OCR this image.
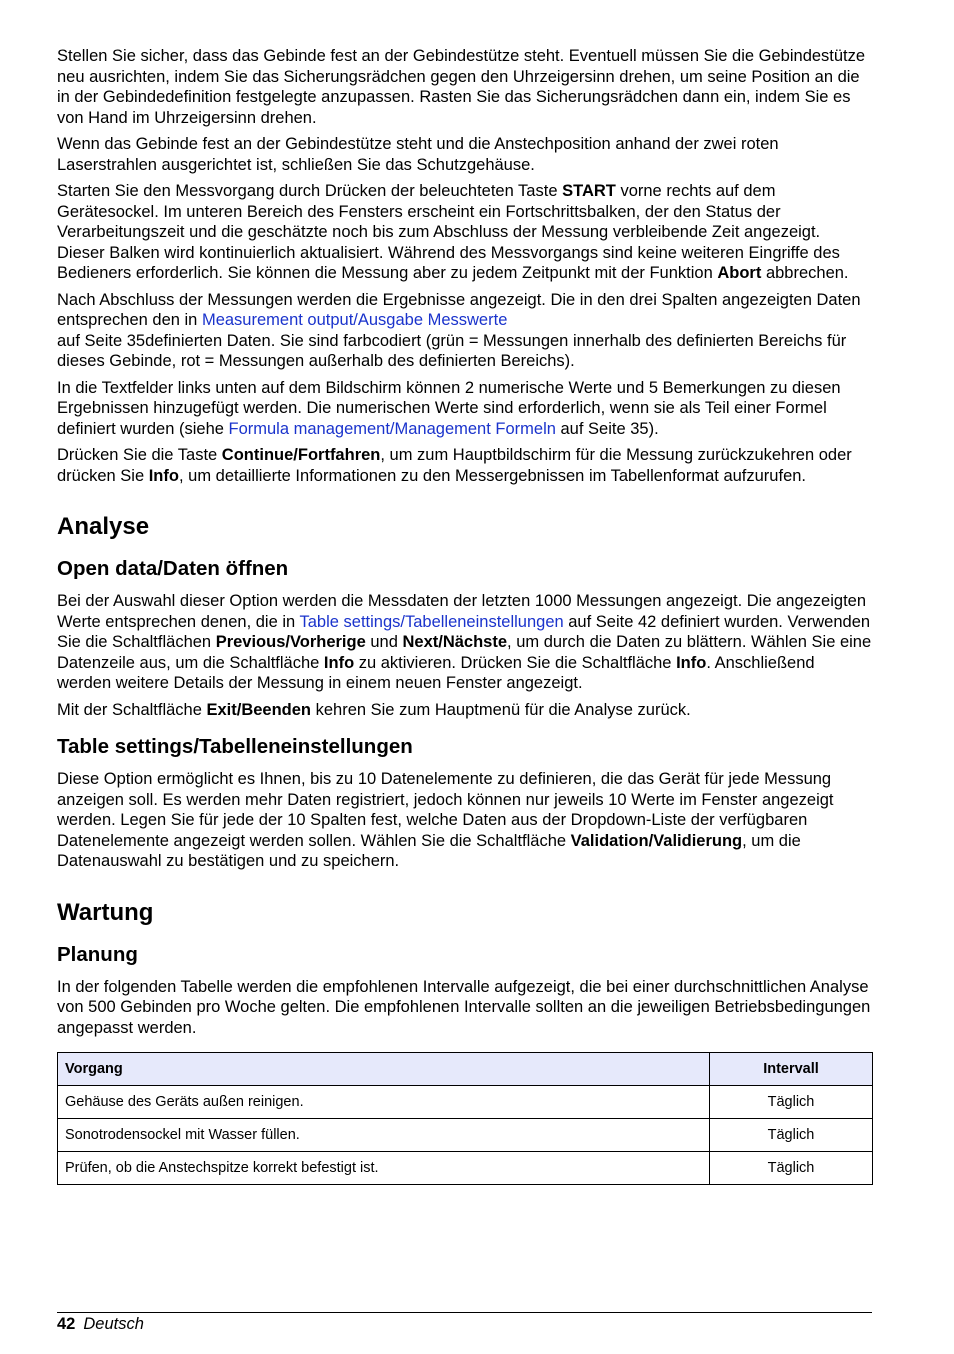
Stellen Sie sicher, dass das Gebinde fest an der Gebindestütze steht. Eventuell müssen Sie die Gebindestütze neu ausrichten, indem Sie das Sicherungsrädchen gegen den Uhrzeigersinn drehen, um seine Position an die in der Gebindedefinition festgelegte anzupassen. Rasten Sie das Sicherungsrädchen dann ein, indem Sie es von Hand im Uhrzeigersinn drehen.

Wenn das Gebinde fest an der Gebindestütze steht und die Anstechposition anhand der zwei roten Laserstrahlen ausgerichtet ist, schließen Sie das Schutzgehäuse.

Starten Sie den Messvorgang durch Drücken der beleuchteten Taste START vorne rechts auf dem Gerätesockel. Im unteren Bereich des Fensters erscheint ein Fortschrittsbalken, der den Status der Verarbeitungszeit und die geschätzte noch bis zum Abschluss der Messung verbleibende Zeit angezeigt. Dieser Balken wird kontinuierlich aktualisiert. Während des Messvorgangs sind keine weiteren Eingriffe des Bedieners erforderlich. Sie können die Messung aber zu jedem Zeitpunkt mit der Funktion Abort abbrechen.

Nach Abschluss der Messungen werden die Ergebnisse angezeigt. Die in den drei Spalten angezeigten Daten entsprechen den in Measurement output/Ausgabe Messwerte
auf Seite 35definierten Daten. Sie sind farbcodiert (grün = Messungen innerhalb des definierten Bereichs für dieses Gebinde, rot = Messungen außerhalb des definierten Bereichs).

In die Textfelder links unten auf dem Bildschirm können 2 numerische Werte und 5 Bemerkungen zu diesen Ergebnissen hinzugefügt werden. Die numerischen Werte sind erforderlich, wenn sie als Teil einer Formel definiert wurden (siehe Formula management/Management Formeln auf Seite 35).

Drücken Sie die Taste Continue/Fortfahren, um zum Hauptbildschirm für die Messung zurückzukehren oder drücken Sie Info, um detaillierte Informationen zu den Messergebnissen im Tabellenformat aufzurufen.

Analyse
Open data/Daten öffnen

Bei der Auswahl dieser Option werden die Messdaten der letzten 1000 Messungen angezeigt. Die angezeigten Werte entsprechen denen, die in Table settings/Tabelleneinstellungen auf Seite 42 definiert wurden. Verwenden Sie die Schaltflächen Previous/Vorherige und Next/Nächste, um durch die Daten zu blättern. Wählen Sie eine Datenzeile aus, um die Schaltfläche Info zu aktivieren. Drücken Sie die Schaltfläche Info. Anschließend werden weitere Details der Messung in einem neuen Fenster angezeigt.

Mit der Schaltfläche Exit/Beenden kehren Sie zum Hauptmenü für die Analyse zurück.

Table settings/Tabelleneinstellungen

Diese Option ermöglicht es Ihnen, bis zu 10 Datenelemente zu definieren, die das Gerät für jede Messung anzeigen soll. Es werden mehr Daten registriert, jedoch können nur jeweils 10 Werte im Fenster angezeigt werden. Legen Sie für jede der 10 Spalten fest, welche Daten aus der Dropdown-Liste der verfügbaren Datenelemente angezeigt werden sollen. Wählen Sie die Schaltfläche Validation/Validierung, um die Datenauswahl zu bestätigen und zu speichern.

Wartung
Planung

In der folgenden Tabelle werden die empfohlenen Intervalle aufgezeigt, die bei einer durchschnittlichen Analyse von 500 Gebinden pro Woche gelten. Die empfohlenen Intervalle sollten an die jeweiligen Betriebsbedingungen angepasst werden.

Vorgang	Intervall
Gehäuse des Geräts außen reinigen.	Täglich
Sonotrodensockel mit Wasser füllen.	Täglich
Prüfen, ob die Anstechspitze korrekt befestigt ist.	Täglich
42 Deutsch
